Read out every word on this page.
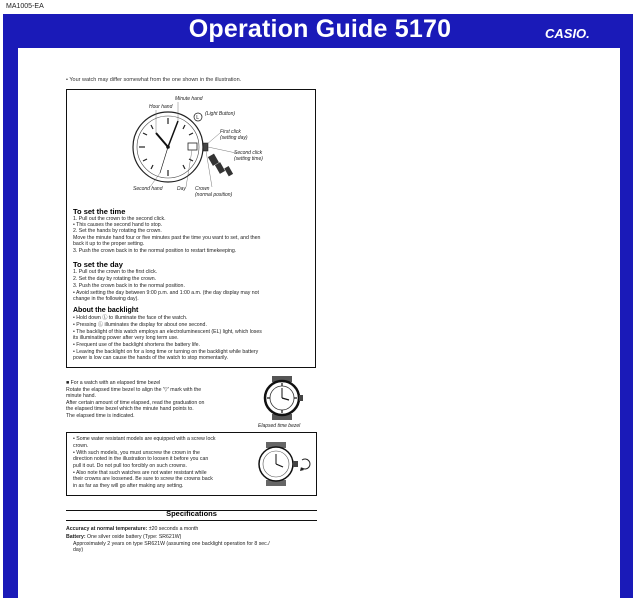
MA1005-EA
Operation Guide 5170	CASIO.
• Your watch may differ somewhat from the one shown in the illustration.
L
Hour hand
Minute hand
(Light Button)
First click
(setting day)
Second click
(setting time)
Second hand	Day Crown
(normal position)
To set the time
1. Pull out the crown to the second click.
• This causes the second hand to stop.
2. Set the hands by rotating the crown.
Move the minute hand four or five minutes past the time you want to set, and then
back it up to the proper setting.
3. Push the crown back in to the normal position to restart timekeeping.
To set the day
1. Pull out the crown to the first click.
2. Set the day by rotating the crown.
3. Push the crown back in to the normal position.
• Avoid setting the day between 9:00 p.m. and 1:00 a.m. (the day display may not
change in the following day).
About the backlight
• Hold down Ⓛ to illuminate the face of the watch.
• Pressing Ⓛ illuminates the display for about one second.
• The backlight of this watch employs an electroluminescent (EL) light, which loses
its illuminating power after very long term use.
• Frequent use of the backlight shortens the battery life.
• Leaving the backlight on for a long time or turning on the backlight while battery
power is low can cause the hands of the watch to stop momentarily.
■ For a watch with an elapsed time bezel
Rotate the elapsed time bezel to align the '▽' mark with the
minute hand.
After certain amount of time elapsed, read the graduation on
the elapsed time bezel which the minute hand points to.
The elapsed time is indicated.
Elapsed time bezel
• Some water resistant models are equipped with a screw lock
crown.
• With such models, you must unscrew the crown in the
direction noted in the illustration to loosen it before you can
pull it out. Do not pull too forcibly on such crowns.
• Also note that such watches are not water resistant while
their crowns are loosened. Be sure to screw the crowns back
in as far as they will go after making any setting.
Specifications
Accuracy at normal temperature: ±20 seconds a month
Battery: One silver oxide battery (Type: SR621W)
Approximately 2 years on type SR621W (assuming one backlight operation for 8 sec./
day)
